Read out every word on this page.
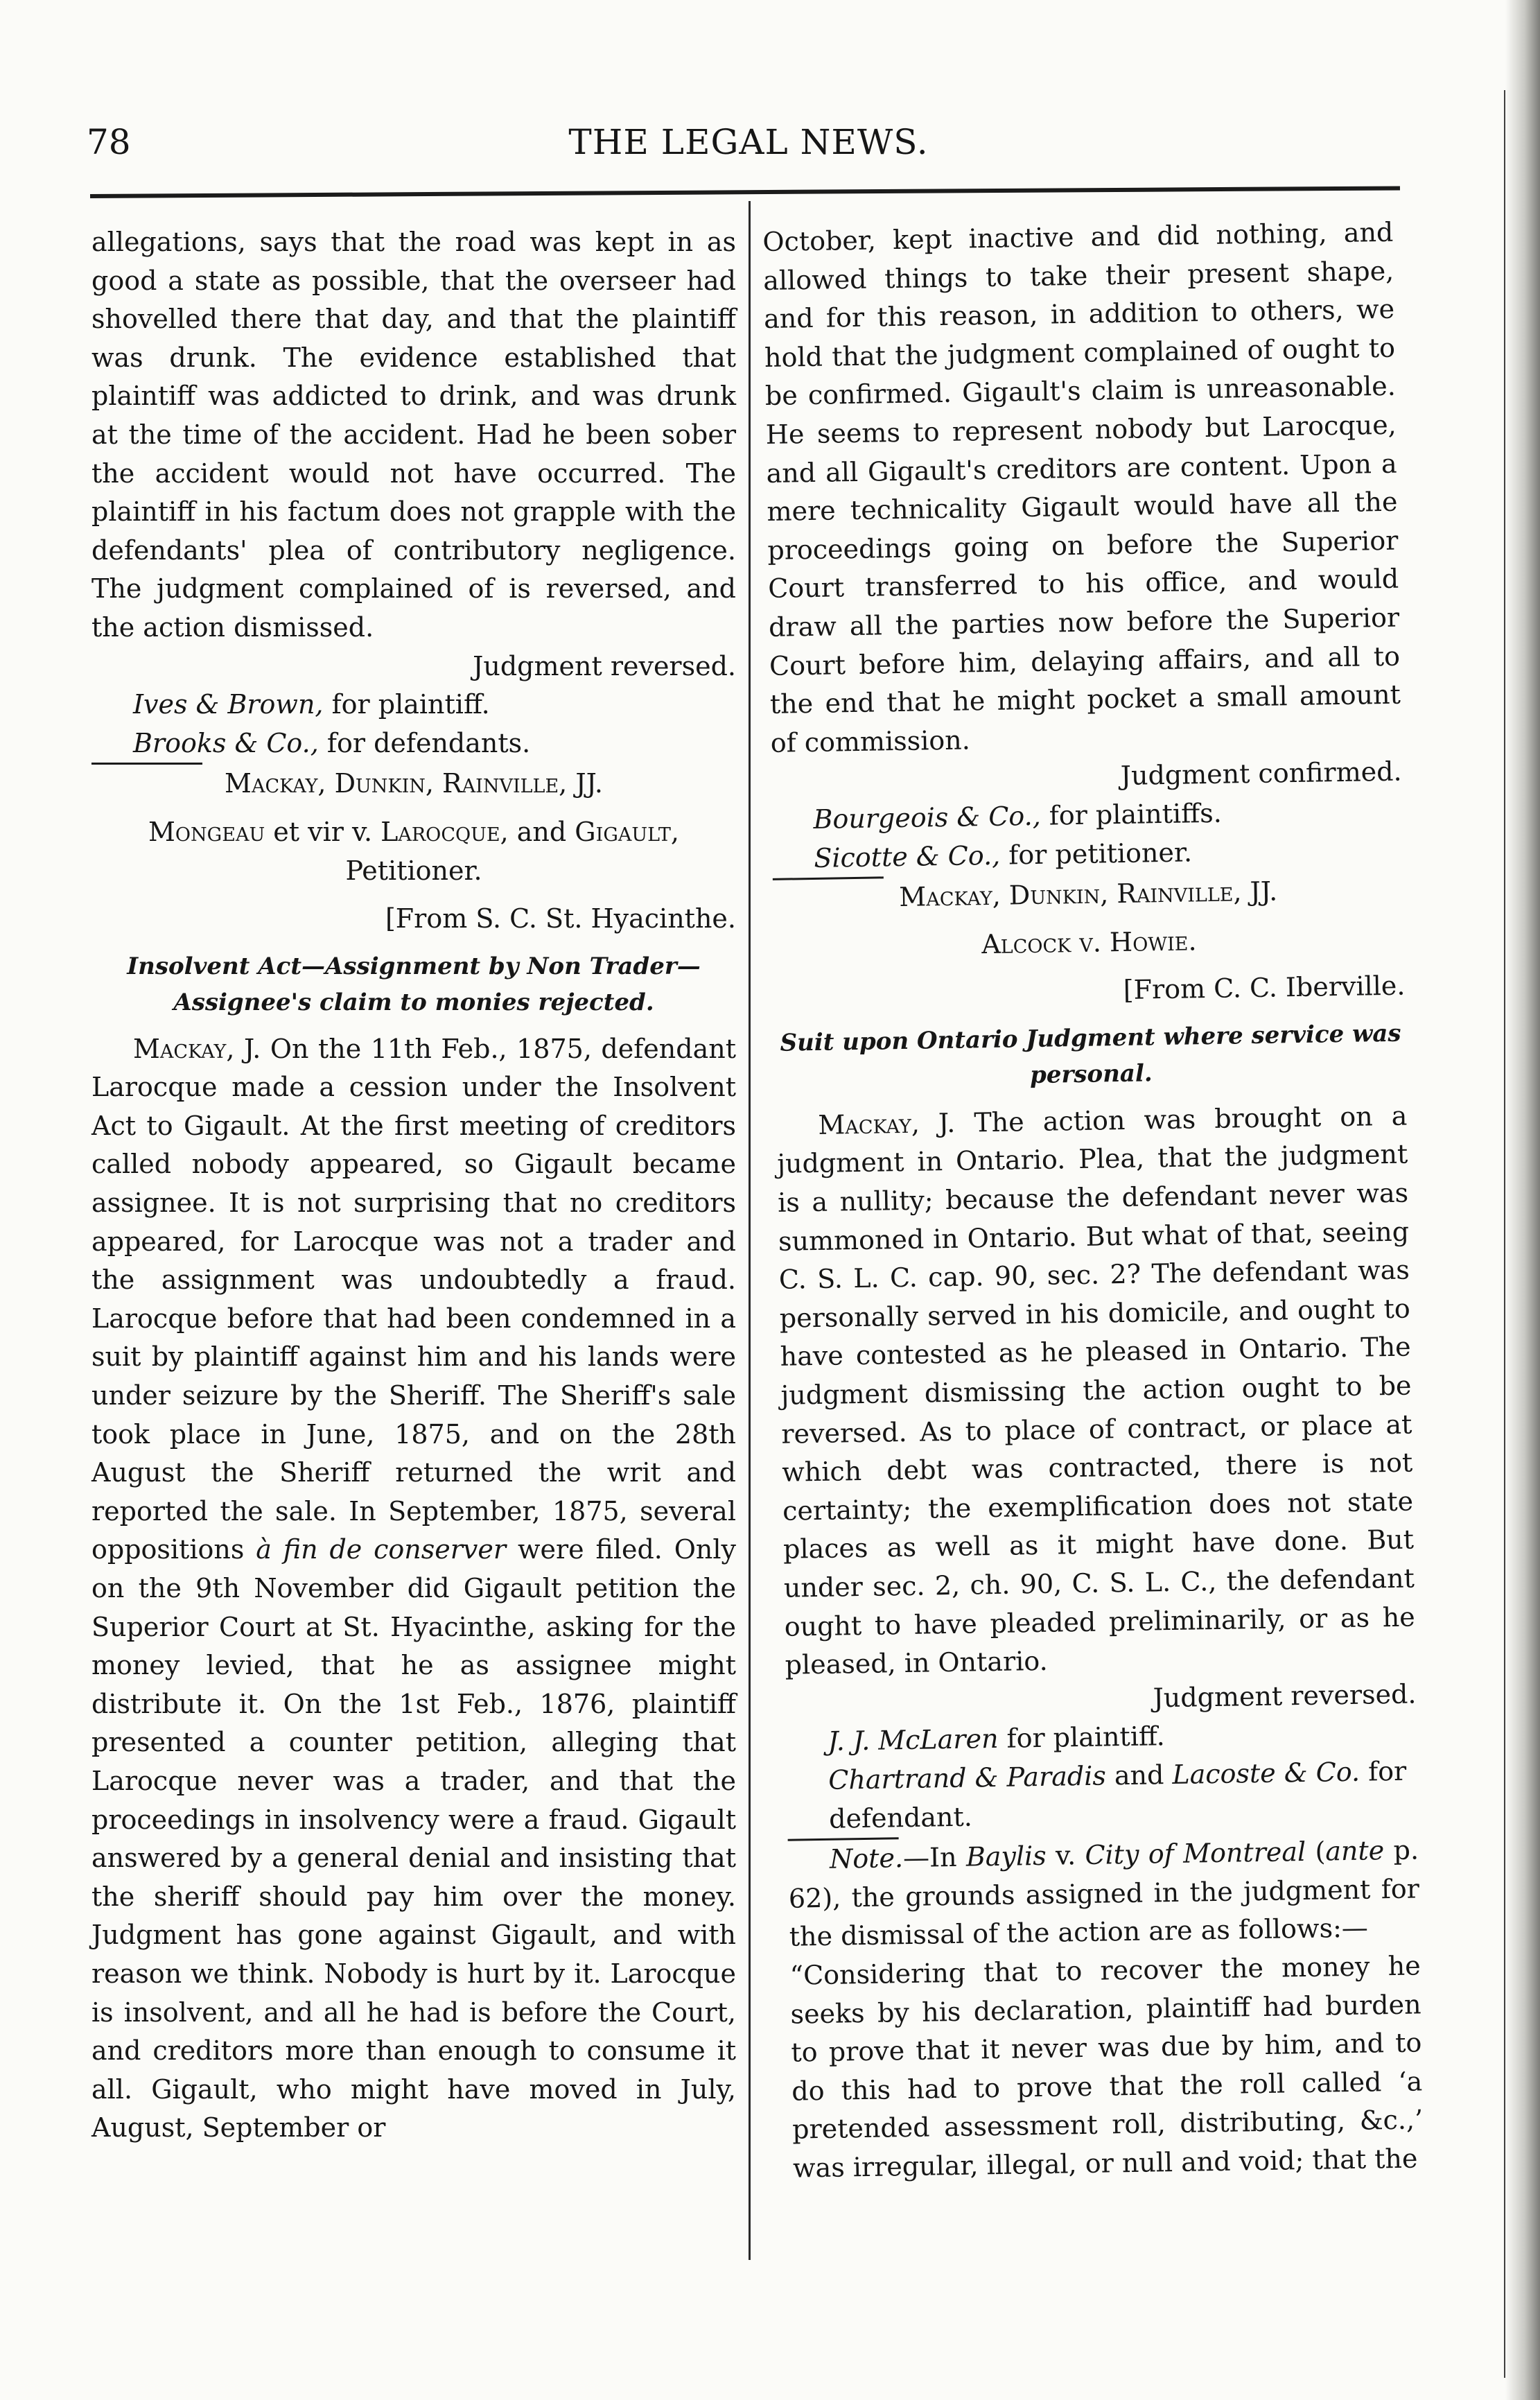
78	THE LEGAL NEWS.

allegations, says that the road was kept in as good a state as possible, that the overseer had shovelled there that day, and that the plaintiff was drunk. The evidence established that plaintiff was addicted to drink, and was drunk at the time of the accident. Had he been sober the accident would not have occurred. The plaintiff in his factum does not grapple with the defendants' plea of contributory negligence. The judgment complained of is reversed, and the action dismissed.

Judgment reversed.

Ives & Brown, for plaintiff.

Brooks & Co., for defendants.

Mackay, Dunkin, Rainville, JJ.

Mongeau et vir v. Larocque, and Gigault, Petitioner.

[From S. C. St. Hyacinthe.

Insolvent Act—Assignment by Non Trader—Assignee's claim to monies rejected.

Mackay, J. On the 11th Feb., 1875, defendant Larocque made a cession under the Insolvent Act to Gigault. At the first meeting of creditors called nobody appeared, so Gigault became assignee. It is not surprising that no creditors appeared, for Larocque was not a trader and the assignment was undoubtedly a fraud. Larocque before that had been condemned in a suit by plaintiff against him and his lands were under seizure by the Sheriff. The Sheriff's sale took place in June, 1875, and on the 28th August the Sheriff returned the writ and reported the sale. In September, 1875, several oppositions à fin de conserver were filed. Only on the 9th November did Gigault petition the Superior Court at St. Hyacinthe, asking for the money levied, that he as assignee might distribute it. On the 1st Feb., 1876, plaintiff presented a counter petition, alleging that Larocque never was a trader, and that the proceedings in insolvency were a fraud. Gigault answered by a general denial and insisting that the sheriff should pay him over the money. Judgment has gone against Gigault, and with reason we think. Nobody is hurt by it. Larocque is insolvent, and all he had is before the Court, and creditors more than enough to consume it all. Gigault, who might have moved in July, August, September or

October, kept inactive and did nothing, and allowed things to take their present shape, and for this reason, in addition to others, we hold that the judgment complained of ought to be confirmed. Gigault's claim is unreasonable. He seems to represent nobody but Larocque, and all Gigault's creditors are content. Upon a mere technicality Gigault would have all the proceedings going on before the Superior Court transferred to his office, and would draw all the parties now before the Superior Court before him, delaying affairs, and all to the end that he might pocket a small amount of commission.

Judgment confirmed.

Bourgeois & Co., for plaintiffs.

Sicotte & Co., for petitioner.

Mackay, Dunkin, Rainville, JJ.

Alcock v. Howie.

[From C. C. Iberville.

Suit upon Ontario Judgment where service was personal.

Mackay, J. The action was brought on a judgment in Ontario. Plea, that the judgment is a nullity; because the defendant never was summoned in Ontario. But what of that, seeing C. S. L. C. cap. 90, sec. 2? The defendant was personally served in his domicile, and ought to have contested as he pleased in Ontario. The judgment dismissing the action ought to be reversed. As to place of contract, or place at which debt was contracted, there is not certainty; the exemplification does not state places as well as it might have done. But under sec. 2, ch. 90, C. S. L. C., the defendant ought to have pleaded preliminarily, or as he pleased, in Ontario.

Judgment reversed.

J. J. McLaren for plaintiff.

Chartrand & Paradis and Lacoste & Co. for defendant.

Note.—In Baylis v. City of Montreal (ante p. 62), the grounds assigned in the judgment for the dismissal of the action are as follows:—

“Considering that to recover the money he seeks by his declaration, plaintiff had burden to prove that it never was due by him, and to do this had to prove that the roll called ‘a pretended assessment roll, distributing, &c.,’ was irregular, illegal, or null and void; that the
